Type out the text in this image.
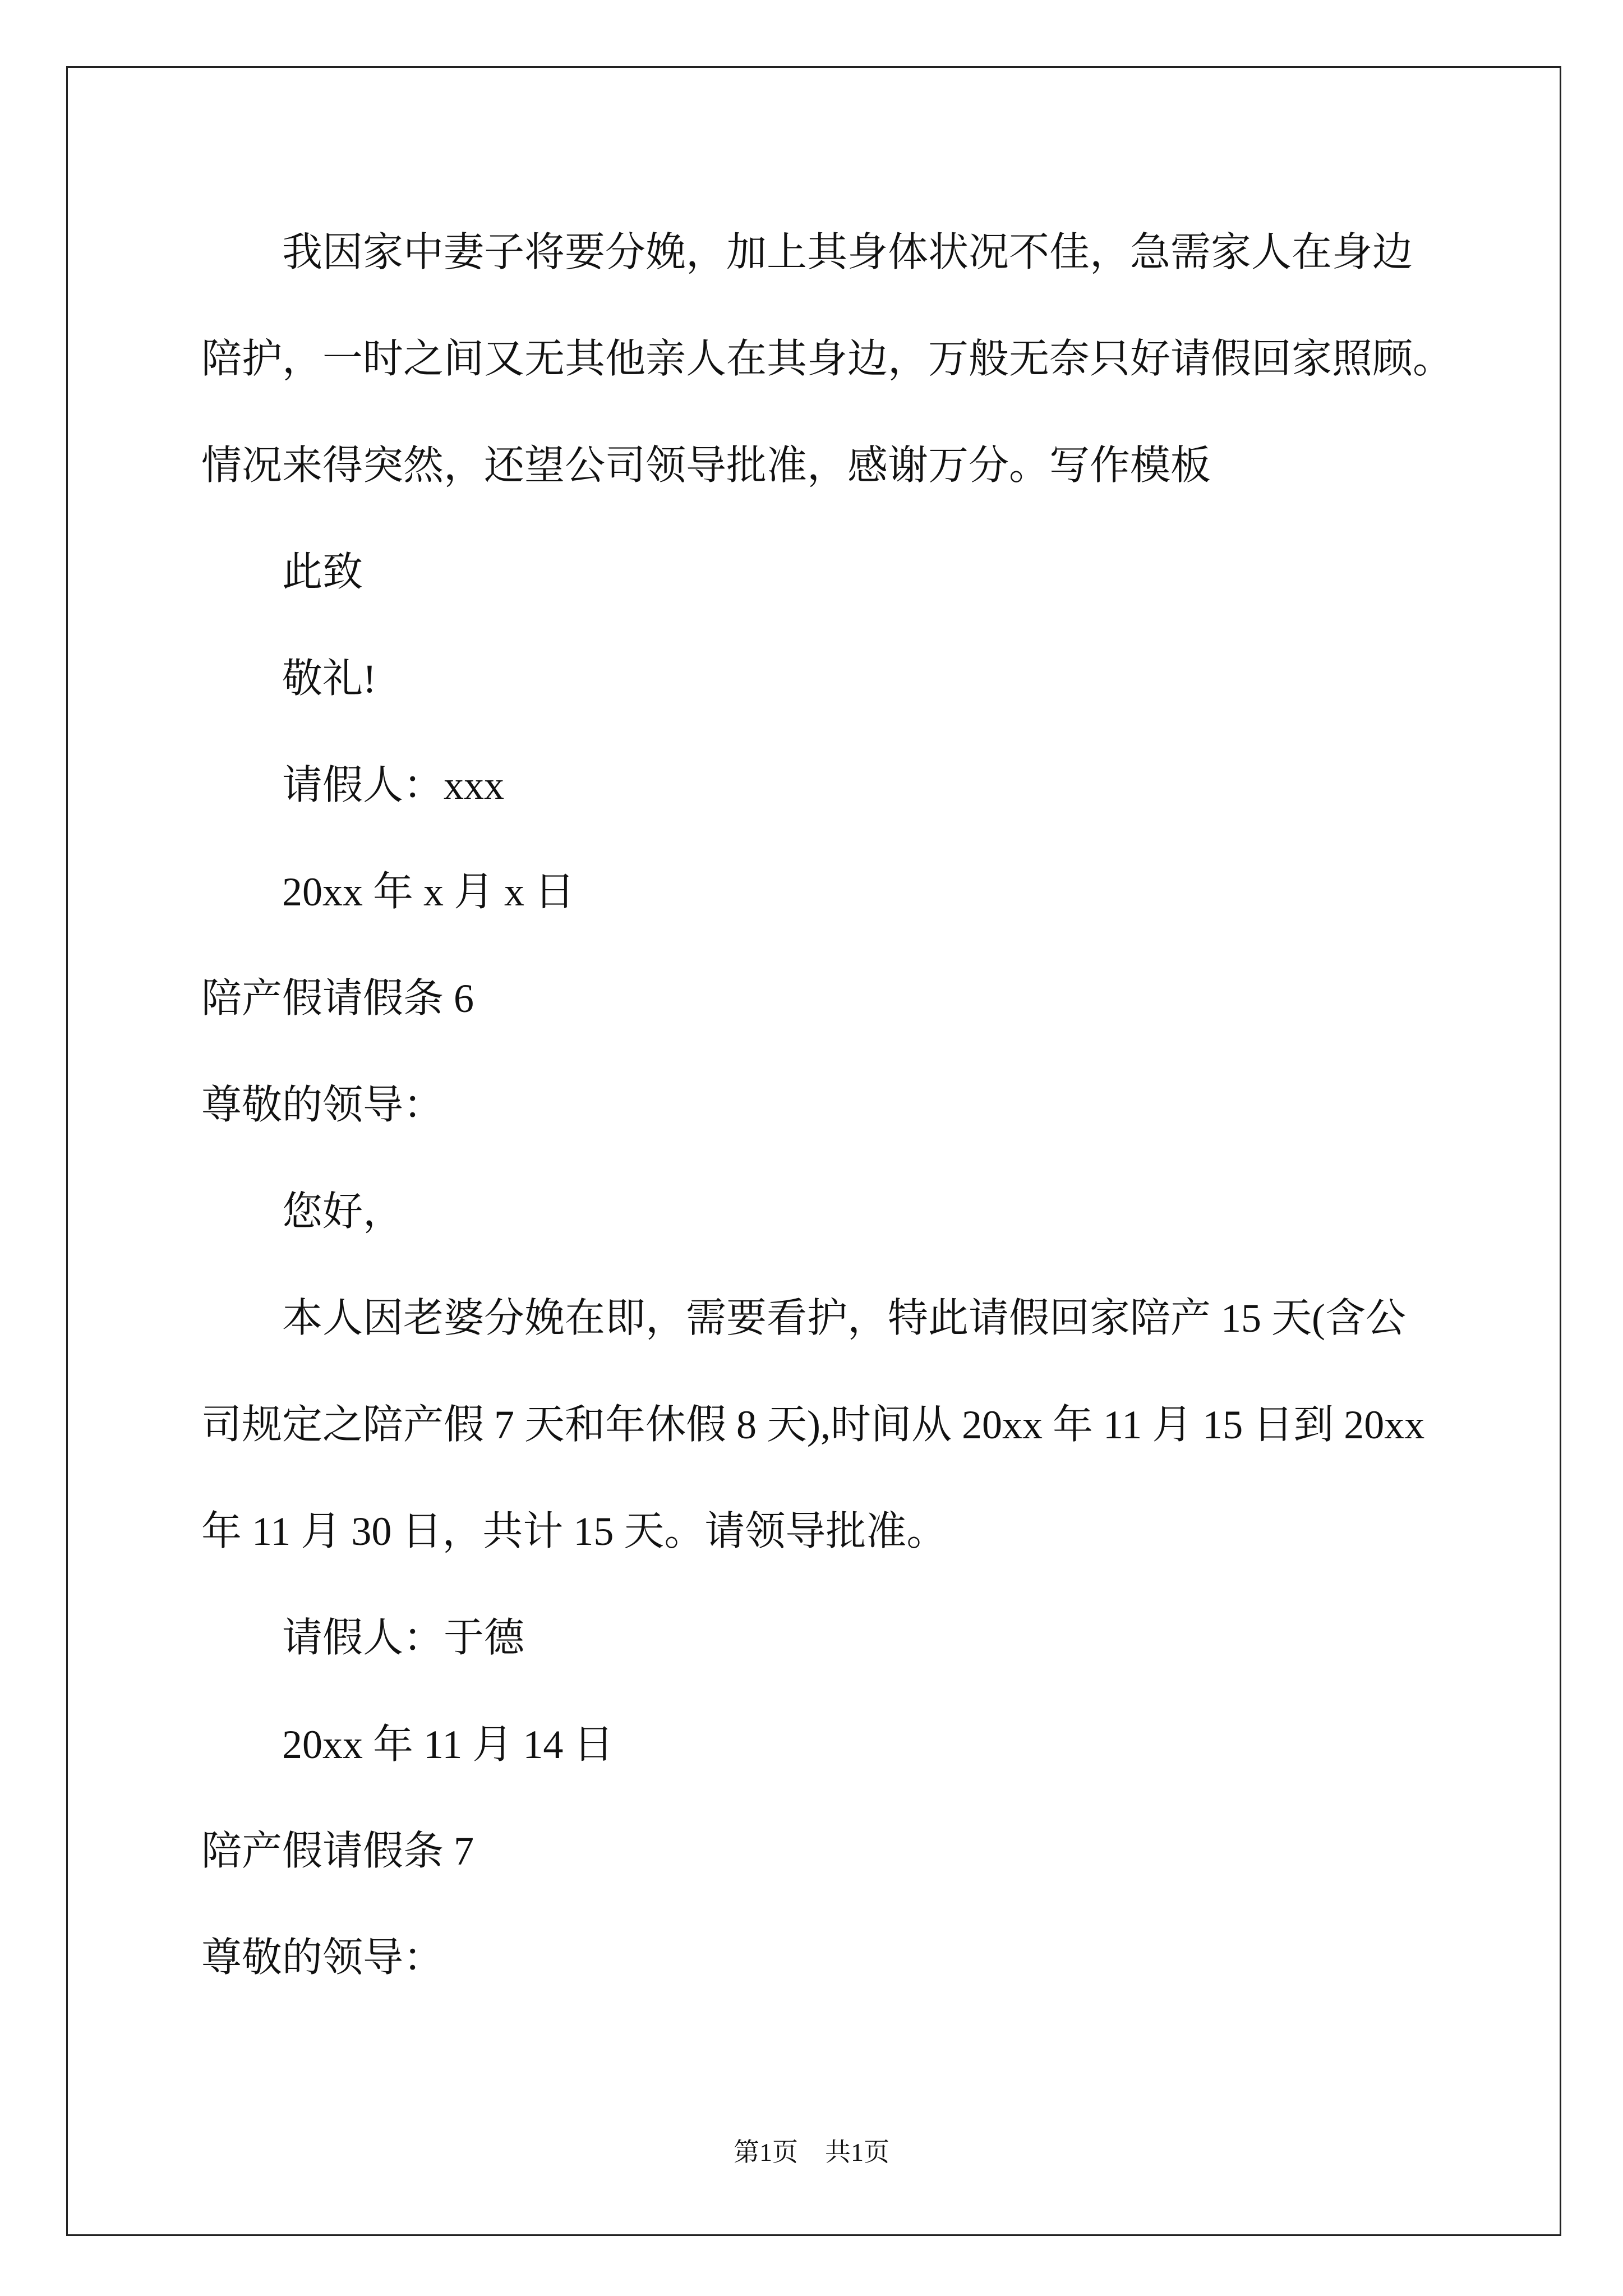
我因家中妻子将要分娩，加上其身体状况不佳，急需家人在身边
陪护，一时之间又无其他亲人在其身边，万般无奈只好请假回家照顾。
情况来得突然，还望公司领导批准，感谢万分。写作模板
此致
敬礼!
请假人：xxx
20xx 年 x 月 x 日
陪产假请假条 6
尊敬的领导：
您好，
本人因老婆分娩在即，需要看护，特此请假回家陪产 15 天(含公
司规定之陪产假 7 天和年休假 8 天),时间从 20xx 年 11 月 15 日到 20xx
年 11 月 30 日，共计 15 天。请领导批准。
请假人：于德
20xx 年 11 月 14 日
陪产假请假条 7
尊敬的领导：
第1页 共1页
